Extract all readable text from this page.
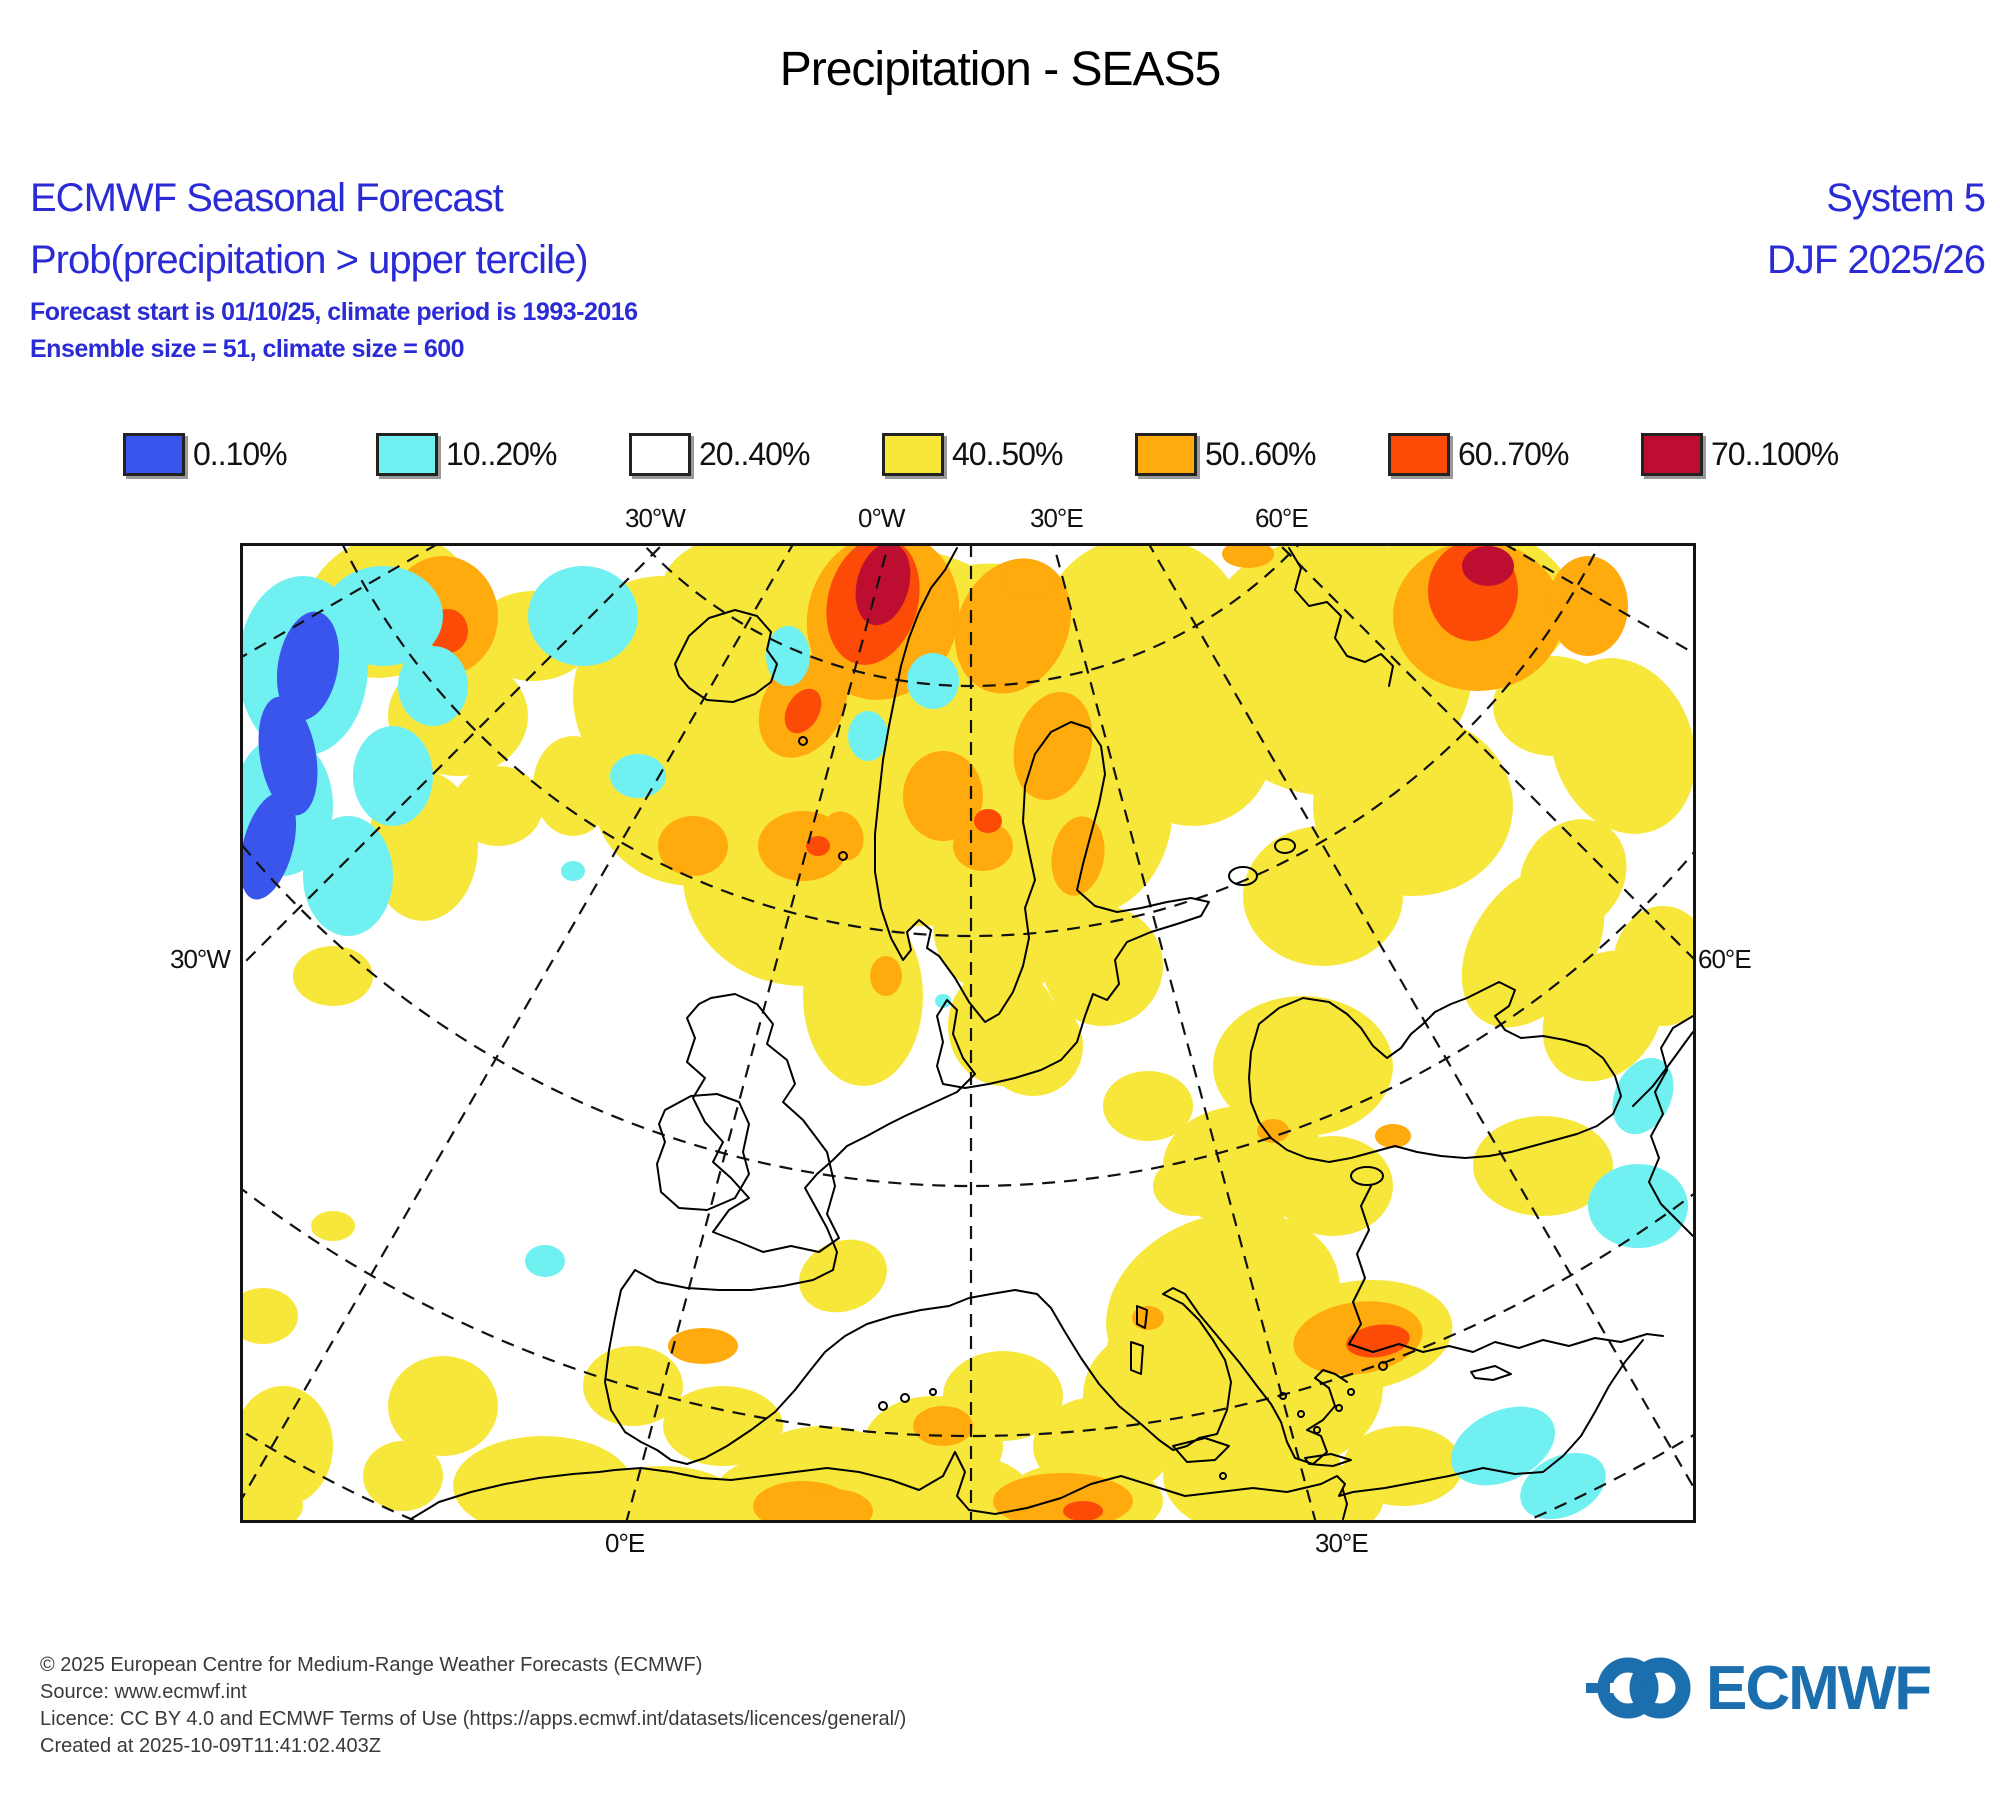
Precipitation - SEAS5
ECMWF Seasonal Forecast
Prob(precipitation > upper tercile)
Forecast start is 01/10/25, climate period is 1993-2016
Ensemble size = 51, climate size = 600
System 5
DJF 2025/26
0..10%	10..20%	20..40%	40..50%	50..60%	60..70%	70..100%
30°W	0°W	30°E	60°E
30°W	60°E
0°E	30°E
© 2025 European Centre for Medium-Range Weather Forecasts (ECMWF)
Source: www.ecmwf.int
Licence: CC BY 4.0 and ECMWF Terms of Use (https://apps.ecmwf.int/datasets/licences/general/)
Created at 2025-10-09T11:41:02.403Z
ECMWF
